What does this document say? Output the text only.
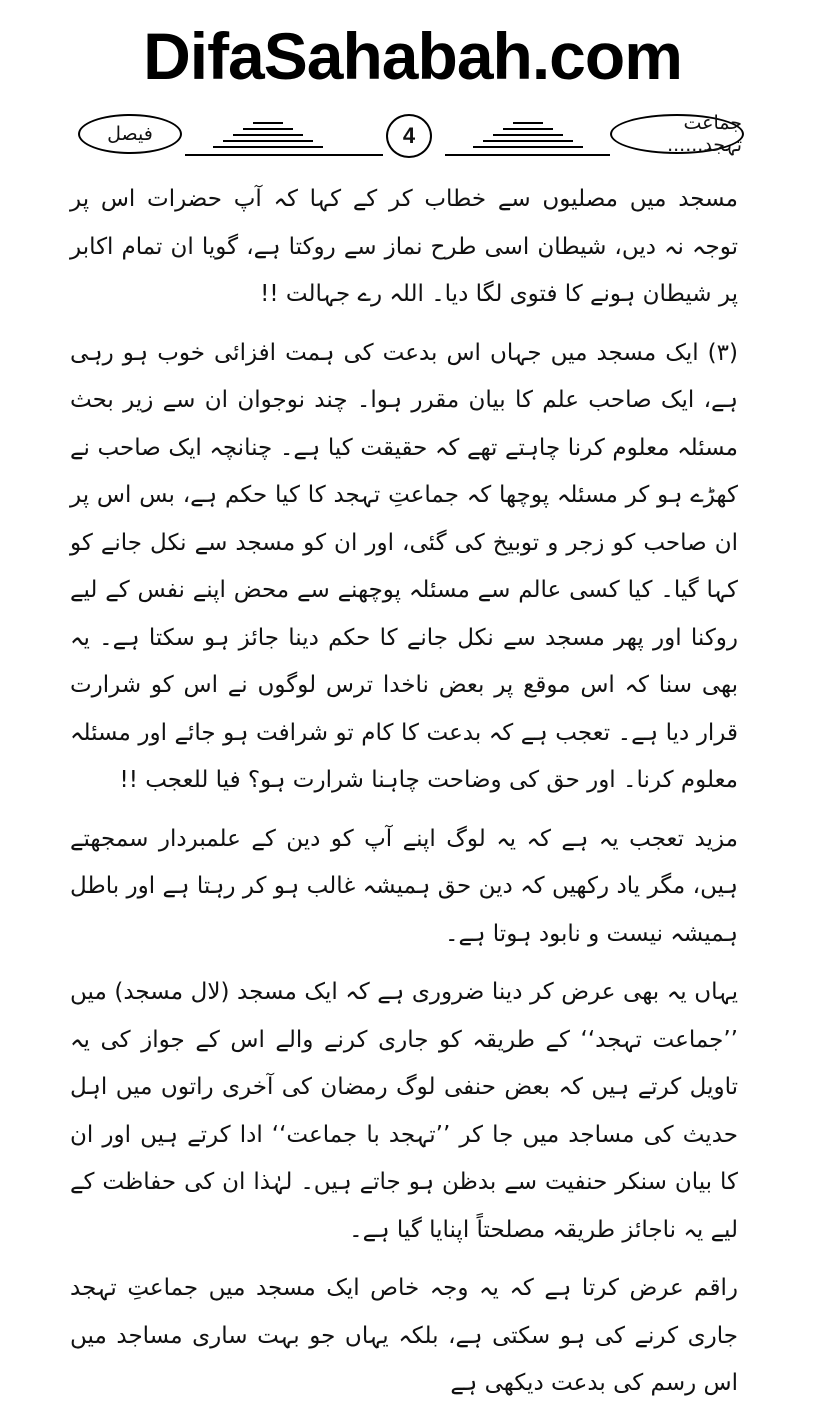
DifaSahabah.com
فیصل	4	جماعت تہجد......

مسجد میں مصلیوں سے خطاب کر کے کہا کہ آپ حضرات اس پر توجہ نہ دیں، شیطان اسی طرح نماز سے روکتا ہے، گویا ان تمام اکابر پر شیطان ہونے کا فتوی لگا دیا۔ اللہ رے جہالت !!

(۳) ایک مسجد میں جہاں اس بدعت کی ہمت افزائی خوب ہو رہی ہے، ایک صاحب علم کا بیان مقرر ہوا۔ چند نوجوان ان سے زیر بحث مسئلہ معلوم کرنا چاہتے تھے کہ حقیقت کیا ہے۔ چنانچہ ایک صاحب نے کھڑے ہو کر مسئلہ پوچھا کہ جماعتِ تہجد کا کیا حکم ہے، بس اس پر ان صاحب کو زجر و توبیخ کی گئی، اور ان کو مسجد سے نکل جانے کو کہا گیا۔ کیا کسی عالم سے مسئلہ پوچھنے سے محض اپنے نفس کے لیے روکنا اور پھر مسجد سے نکل جانے کا حکم دینا جائز ہو سکتا ہے۔ یہ بھی سنا کہ اس موقع پر بعض ناخدا ترس لوگوں نے اس کو شرارت قرار دیا ہے۔ تعجب ہے کہ بدعت کا کام تو شرافت ہو جائے اور مسئلہ معلوم کرنا۔ اور حق کی وضاحت چاہنا شرارت ہو؟ فیا للعجب !!

مزید تعجب یہ ہے کہ یہ لوگ اپنے آپ کو دین کے علمبردار سمجھتے ہیں، مگر یاد رکھیں کہ دین حق ہمیشہ غالب ہو کر رہتا ہے اور باطل ہمیشہ نیست و نابود ہوتا ہے۔

یہاں یہ بھی عرض کر دینا ضروری ہے کہ ایک مسجد (لال مسجد) میں ’’جماعت تہجد‘‘ کے طریقہ کو جاری کرنے والے اس کے جواز کی یہ تاویل کرتے ہیں کہ بعض حنفی لوگ رمضان کی آخری راتوں میں اہل حدیث کی مساجد میں جا کر ’’تہجد با جماعت‘‘ ادا کرتے ہیں اور ان کا بیان سنکر حنفیت سے بدظن ہو جاتے ہیں۔ لہٰذا ان کی حفاظت کے لیے یہ ناجائز طریقہ مصلحتاً اپنایا گیا ہے۔

راقم عرض کرتا ہے کہ یہ وجہ خاص ایک مسجد میں جماعتِ تہجد جاری کرنے کی ہو سکتی ہے، بلکہ یہاں جو بہت ساری مساجد میں اس رسم کی بدعت دیکھی ہے
